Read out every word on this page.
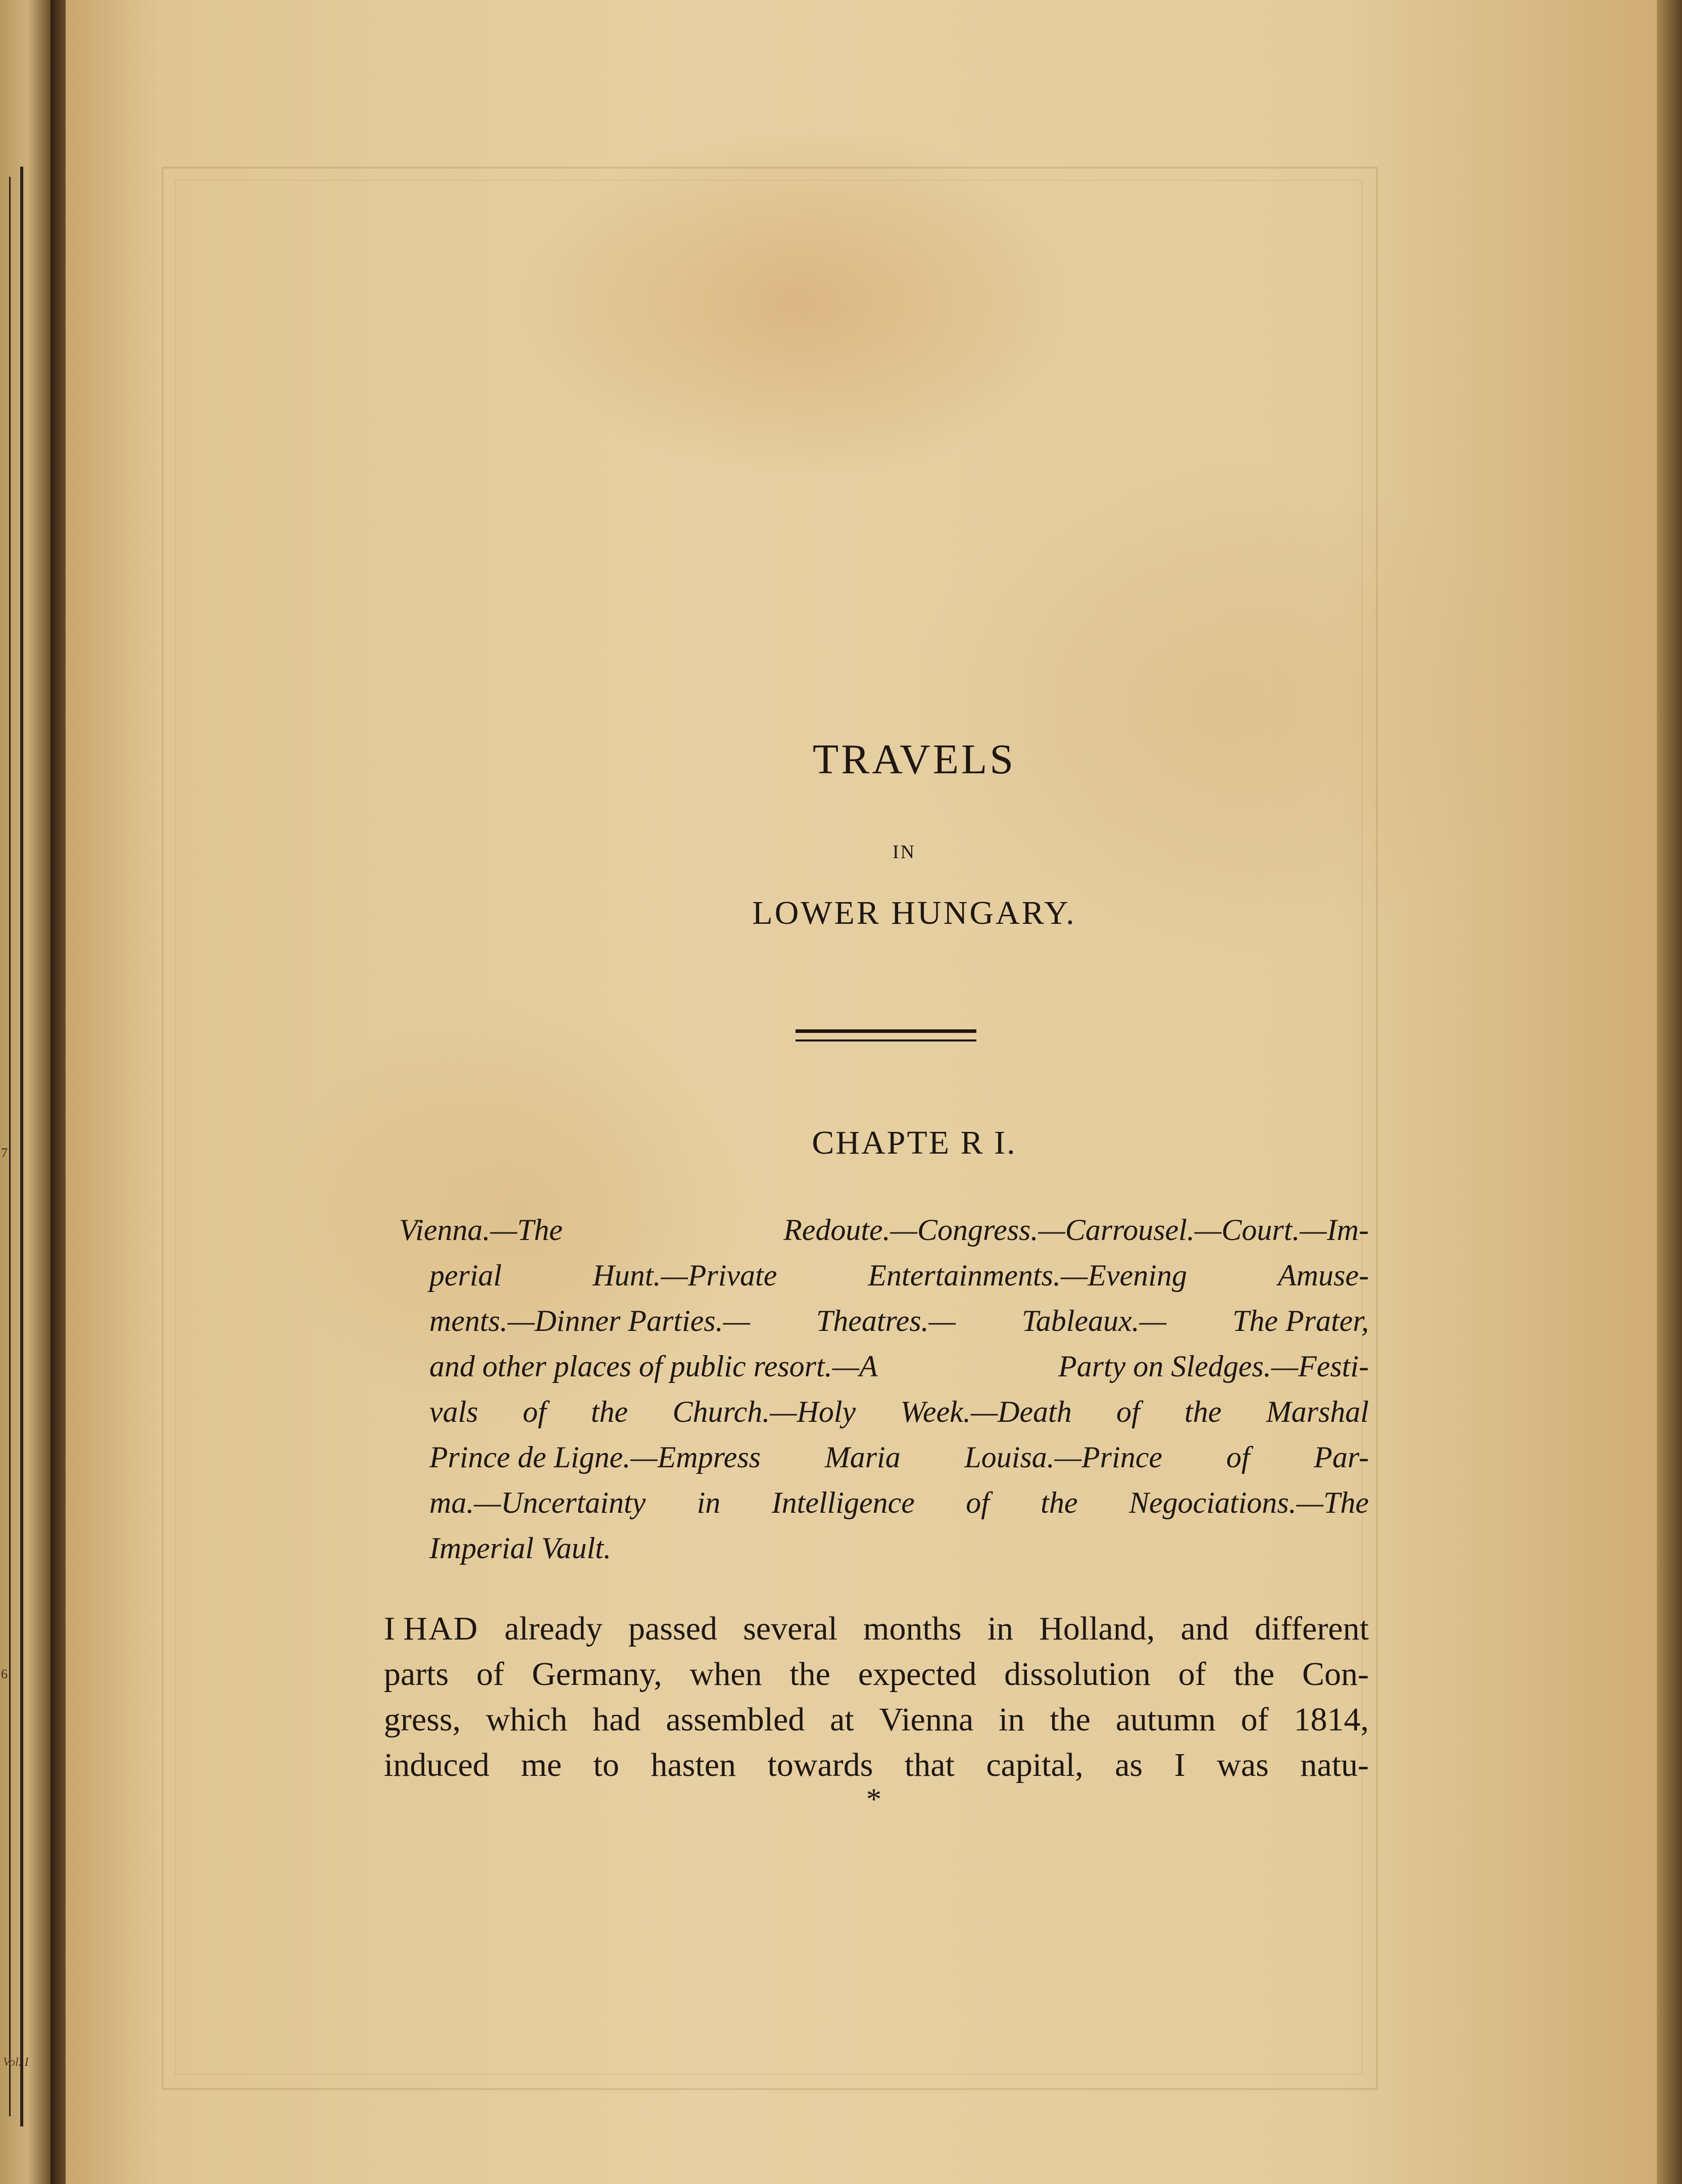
7
6
Vol. I
TRAVELS
IN
LOWER HUNGARY.
CHAPTE R I.
Vienna.—The	Redoute.—Congress.—Carrousel.—Court.—Im-
perial	Hunt.—Private	Entertainments.—Evening	Amuse-
ments.—Dinner Parties.— Theatres.— Tableaux.— The Prater,
and other places of public resort.—A	Party on Sledges.—Festi-
vals of the Church.—Holy Week.—Death of the Marshal
Prince de Ligne.—Empress Maria Louisa.—Prince of Par-
ma.—Uncertainty in Intelligence of the Negociations.—The
Imperial Vault.
I HAD already passed several months in Holland, and different
parts of Germany, when the expected dissolution of the Con-
gress, which had assembled at Vienna in the autumn of 1814,
induced me to hasten towards that capital, as I was natu-
*
